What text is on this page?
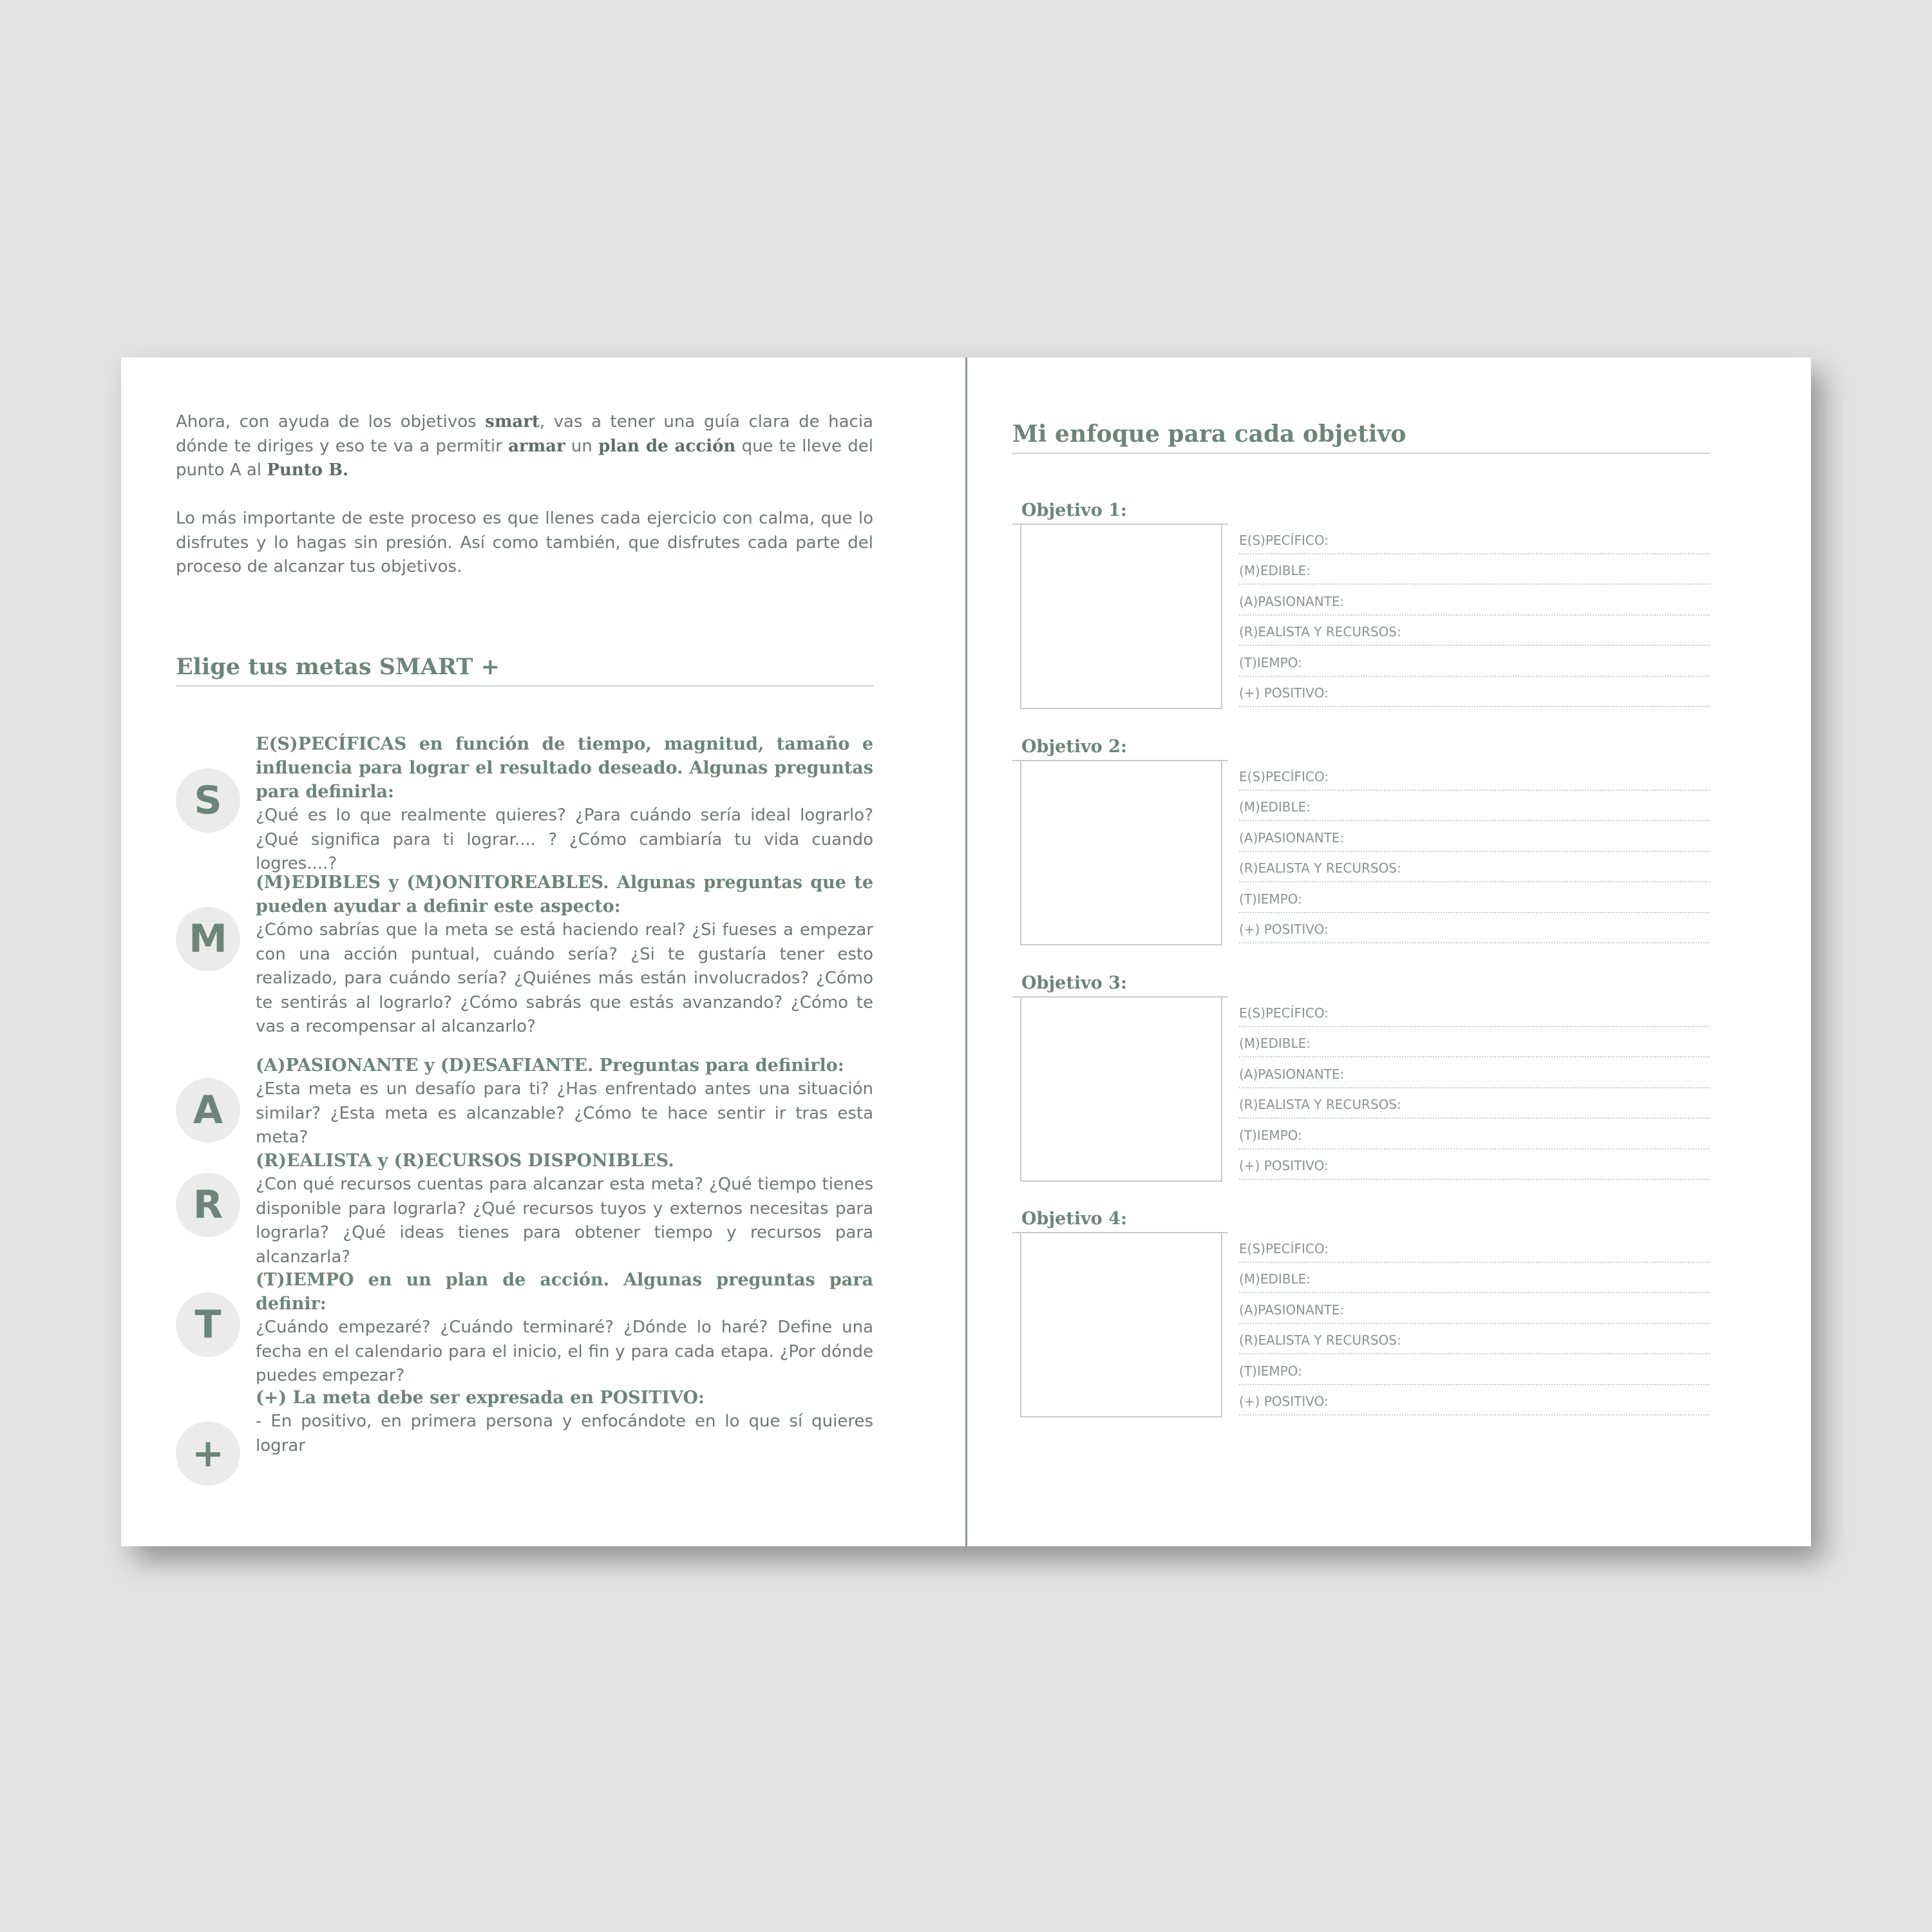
Ahora, con ayuda de los objetivos smart, vas a tener una guía clara de hacia dónde te diriges y eso te va a permitir armar un plan de acción que te lleve del punto A al Punto B.

Lo más importante de este proceso es que llenes cada ejercicio con calma, que lo disfrutes y lo hagas sin presión. Así como también, que disfrutes cada parte del proceso de alcanzar tus objetivos.

Elige tus metas SMART +
S

E(S)PECÍFICAS en función de tiempo, magnitud, tamaño e influencia para lograr el resultado deseado. Algunas preguntas para definirla:

¿Qué es lo que realmente quieres? ¿Para cuándo sería ideal lograrlo? ¿Qué significa para ti lograr.... ? ¿Cómo cambiaría tu vida cuando logres....?

M

(M)EDIBLES y (M)ONITOREABLES. Algunas preguntas que te pueden ayudar a definir este aspecto:

¿Cómo sabrías que la meta se está haciendo real? ¿Si fueses a empezar con una acción puntual, cuándo sería? ¿Si te gustaría tener esto realizado, para cuándo sería? ¿Quiénes más están involucrados? ¿Cómo te sentirás al lograrlo? ¿Cómo sabrás que estás avanzando? ¿Cómo te vas a recompensar al alcanzarlo?

A

(A)PASIONANTE y (D)ESAFIANTE. Preguntas para definirlo:

¿Esta meta es un desafío para ti? ¿Has enfrentado antes una situación similar? ¿Esta meta es alcanzable? ¿Cómo te hace sentir ir tras esta meta?

R

(R)EALISTA y (R)ECURSOS DISPONIBLES.

¿Con qué recursos cuentas para alcanzar esta meta? ¿Qué tiempo tienes disponible para lograrla? ¿Qué recursos tuyos y externos necesitas para lograrla? ¿Qué ideas tienes para obtener tiempo y recursos para alcanzarla?

T

(T)IEMPO en un plan de acción. Algunas preguntas para definir:

¿Cuándo empezaré? ¿Cuándo terminaré? ¿Dónde lo haré? Define una fecha en el calendario para el inicio, el fin y para cada etapa. ¿Por dónde puedes empezar?

+

(+) La meta debe ser expresada en POSITIVO:

- En positivo, en primera persona y enfocándote en lo que sí quieres lograr

Mi enfoque para cada objetivo
Objetivo 1:
E(S)PECÍFICO:
(M)EDIBLE:
(A)PASIONANTE:
(R)EALISTA Y RECURSOS:
(T)IEMPO:
(+) POSITIVO:
Objetivo 2:
E(S)PECÍFICO:
(M)EDIBLE:
(A)PASIONANTE:
(R)EALISTA Y RECURSOS:
(T)IEMPO:
(+) POSITIVO:
Objetivo 3:
E(S)PECÍFICO:
(M)EDIBLE:
(A)PASIONANTE:
(R)EALISTA Y RECURSOS:
(T)IEMPO:
(+) POSITIVO:
Objetivo 4:
E(S)PECÍFICO:
(M)EDIBLE:
(A)PASIONANTE:
(R)EALISTA Y RECURSOS:
(T)IEMPO:
(+) POSITIVO:
